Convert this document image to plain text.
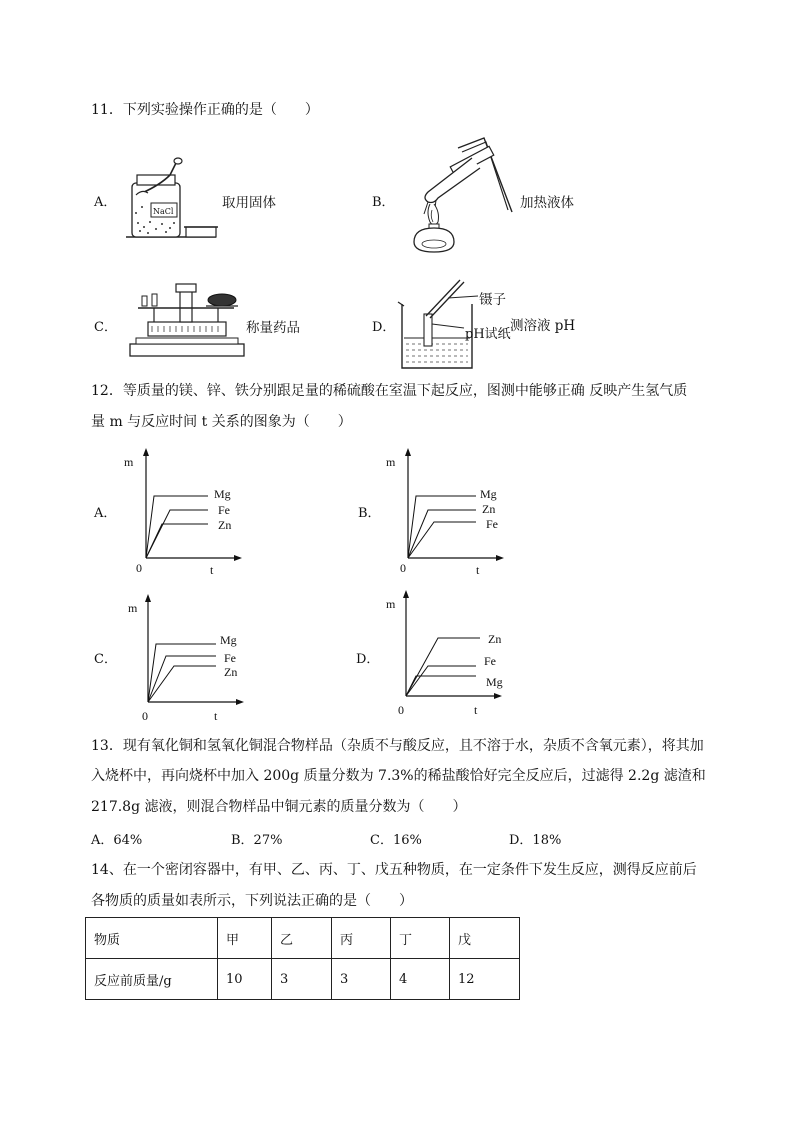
11．下列实验操作正确的是（　　）
A．
NaCl
取用固体	B．	加热液体
C．	称量药品	D．
镊子
pH试纸
测溶液 pH
12．等质量的镁、锌、铁分别跟足量的稀硫酸在室温下起反应，图测中能够正确 反映产生氢气质
量 m 与反应时间 t 关系的图象为（　　）
A．
m
t
0
Mg
Fe
Zn
B．
m
t
0
Mg
Zn
Fe
C．
m
t
0
Mg
Fe
Zn
D．
m
t
0
Zn
Fe
Mg
13．现有氧化铜和氢氧化铜混合物样品（杂质不与酸反应，且不溶于水，杂质不含氧元素），将其加
入烧杯中，再向烧杯中加入 200g 质量分数为 7.3%的稀盐酸恰好完全反应后，过滤得 2.2g 滤渣和
217.8g 滤液，则混合物样品中铜元素的质量分数为（　　）
A．64%	B．27%	C．16%	D．18%
14、在一个密闭容器中，有甲、乙、丙、丁、戊五种物质，在一定条件下发生反应，测得反应前后
各物质的质量如表所示，下列说法正确的是（　　）
物质	甲	乙	丙	丁	戊
反应前质量/g	10	3	3	4	12
